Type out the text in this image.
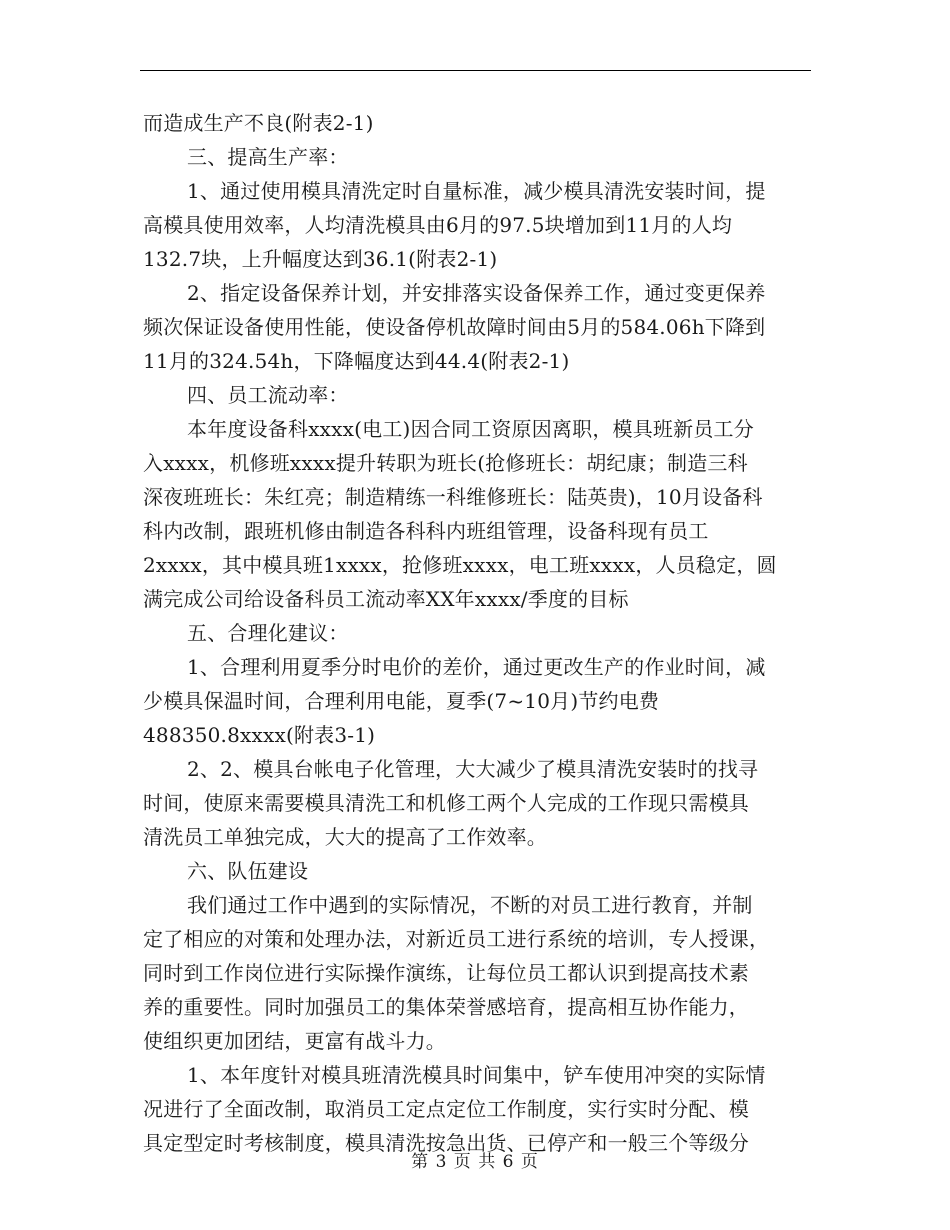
而造成生产不良(附表2-1)
三、提高生产率：
1、通过使用模具清洗定时自量标准，减少模具清洗安装时间，提
高模具使用效率，人均清洗模具由6月的97.5块增加到11月的人均
132.7块，上升幅度达到36.1(附表2-1)
2、指定设备保养计划，并安排落实设备保养工作，通过变更保养
频次保证设备使用性能，使设备停机故障时间由5月的584.06h下降到
11月的324.54h，下降幅度达到44.4(附表2-1)
四、员工流动率：
本年度设备科xxxx(电工)因合同工资原因离职，模具班新员工分
入xxxx，机修班xxxx提升转职为班长(抢修班长：胡纪康；制造三科
深夜班班长：朱红亮；制造精练一科维修班长：陆英贵)，10月设备科
科内改制，跟班机修由制造各科科内班组管理，设备科现有员工
2xxxx，其中模具班1xxxx，抢修班xxxx，电工班xxxx，人员稳定，圆
满完成公司给设备科员工流动率XX年xxxx/季度的目标
五、合理化建议：
1、合理利用夏季分时电价的差价，通过更改生产的作业时间，减
少模具保温时间，合理利用电能，夏季(7~10月)节约电费
488350.8xxxx(附表3-1)
2、2、模具台帐电子化管理，大大减少了模具清洗安装时的找寻
时间，使原来需要模具清洗工和机修工两个人完成的工作现只需模具
清洗员工单独完成，大大的提高了工作效率。
六、队伍建设
我们通过工作中遇到的实际情况，不断的对员工进行教育，并制
定了相应的对策和处理办法，对新近员工进行系统的培训，专人授课，
同时到工作岗位进行实际操作演练，让每位员工都认识到提高技术素
养的重要性。同时加强员工的集体荣誉感培育，提高相互协作能力，
使组织更加团结，更富有战斗力。
1、本年度针对模具班清洗模具时间集中，铲车使用冲突的实际情
况进行了全面改制，取消员工定点定位工作制度，实行实时分配、模
具定型定时考核制度，模具清洗按急出货、已停产和一般三个等级分
第 3 页 共 6 页
